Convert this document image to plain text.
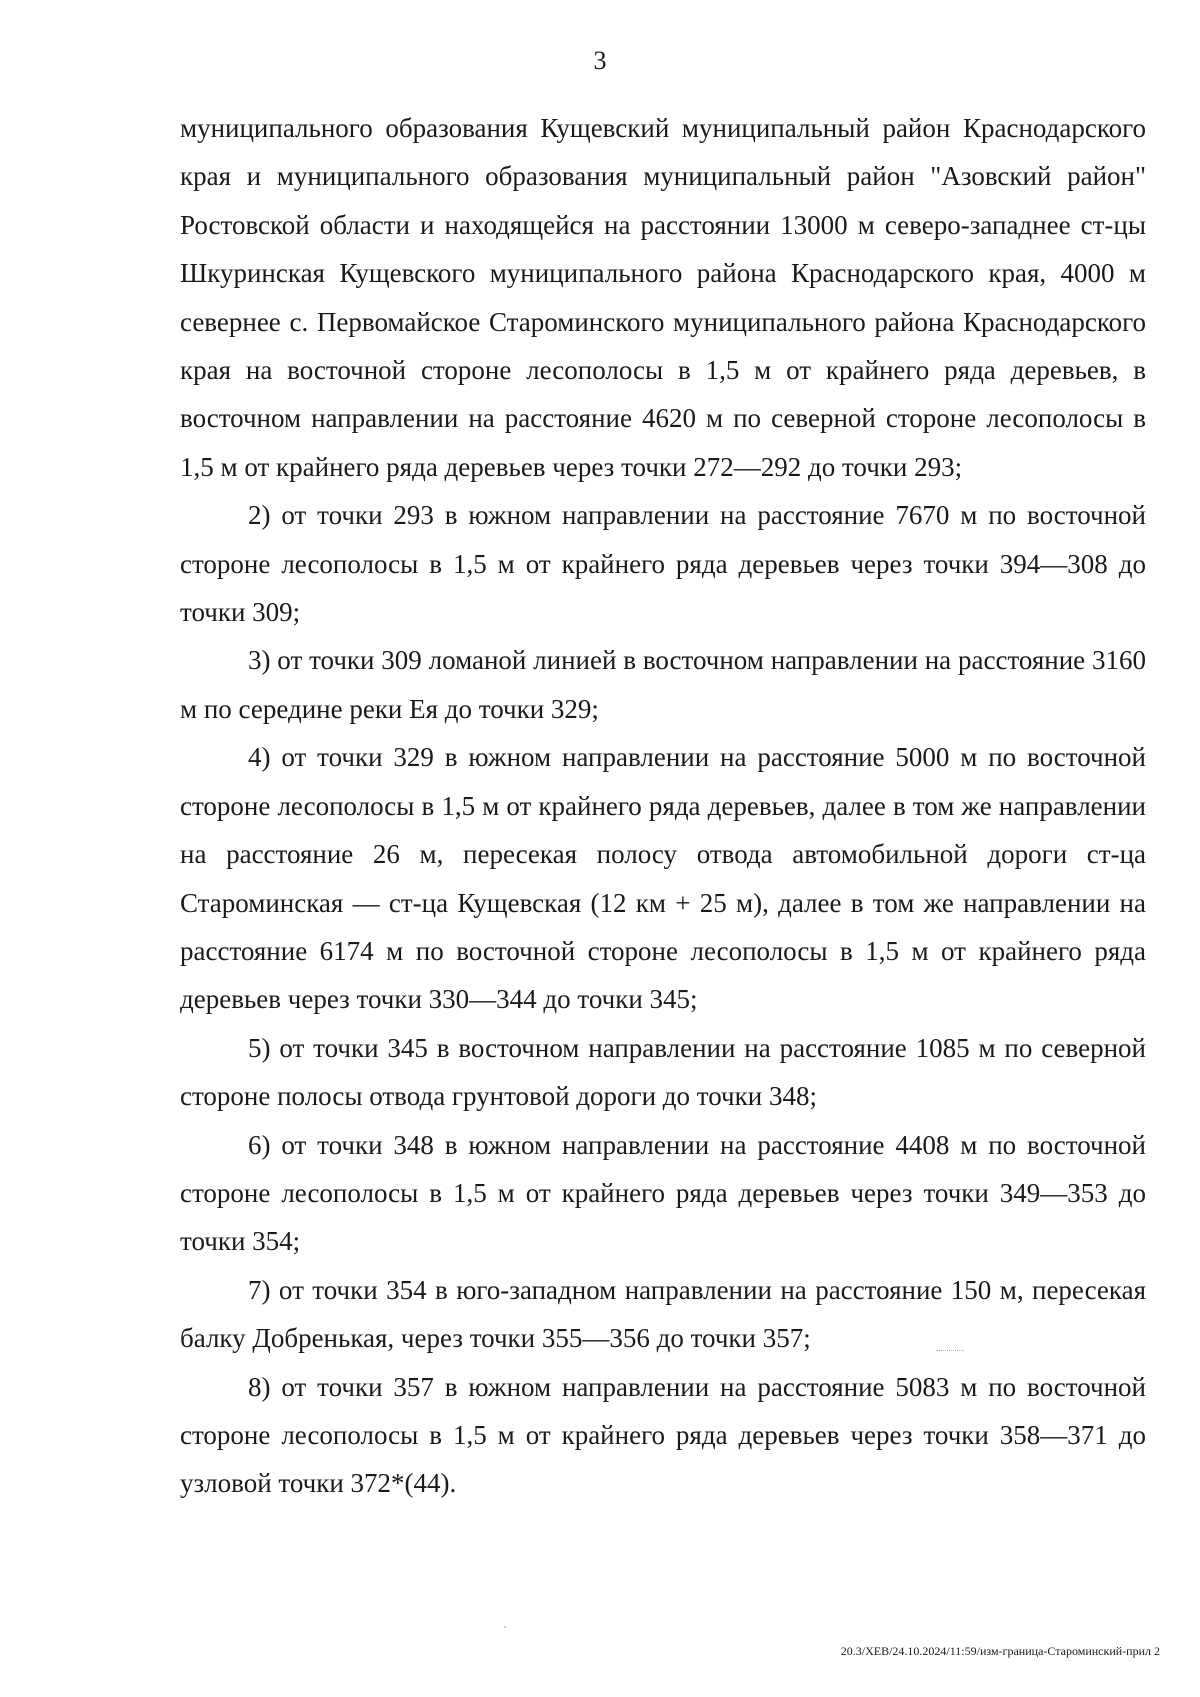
3

муниципального образования Кущевский муниципальный район Краснодарского края и муниципального образования муниципальный район "Азовский район" Ростовской области и находящейся на расстоянии 13000 м северо-западнее ст-цы Шкуринская Кущевского муниципального района Краснодарского края, 4000 м севернее с. Первомайское Староминского муниципального района Краснодарского края на восточной стороне лесополосы в 1,5 м от крайнего ряда деревьев, в восточном направлении на расстояние 4620 м по северной стороне лесополосы в 1,5 м от крайнего ряда деревьев через точки 272—292 до точки 293;

2) от точки 293 в южном направлении на расстояние 7670 м по восточной стороне лесополосы в 1,5 м от крайнего ряда деревьев через точки 394—308 до точки 309;

3) от точки 309 ломаной линией в восточном направлении на расстояние 3160 м по середине реки Ея до точки 329;

4) от точки 329 в южном направлении на расстояние 5000 м по восточной стороне лесополосы в 1,5 м от крайнего ряда деревьев, далее в том же направлении на расстояние 26 м, пересекая полосу отвода автомобильной дороги ст-ца Староминская — ст-ца Кущевская (12 км + 25 м), далее в том же направлении на расстояние 6174 м по восточной стороне лесополосы в 1,5 м от крайнего ряда деревьев через точки 330—344 до точки 345;

5) от точки 345 в восточном направлении на расстояние 1085 м по северной стороне полосы отвода грунтовой дороги до точки 348;

6) от точки 348 в южном направлении на расстояние 4408 м по восточной стороне лесополосы в 1,5 м от крайнего ряда деревьев через точки 349—353 до точки 354;

7) от точки 354 в юго-западном направлении на расстояние 150 м, пересекая балку Добренькая, через точки 355—356 до точки 357;

8) от точки 357 в южном направлении на расстояние 5083 м по восточной стороне лесополосы в 1,5 м от крайнего ряда деревьев через точки 358—371 до узловой точки 372*(44).

20.3/ХЕВ/24.10.2024/11:59/изм-граница-Староминский-прил 2
